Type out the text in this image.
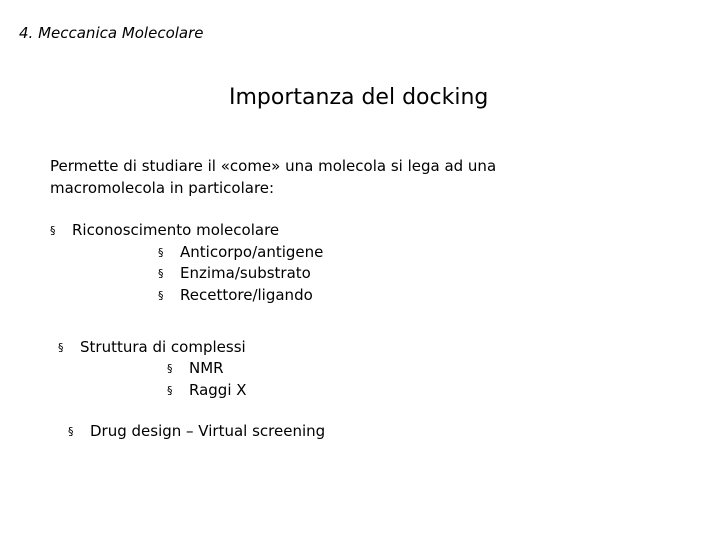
4. Meccanica Molecolare
Importanza del docking
Permette di studiare il «come» una molecola si lega ad una
macromolecola in particolare:
§ Riconoscimento molecolare
§ Anticorpo/antigene
§ Enzima/substrato
§ Recettore/ligando
§ Struttura di complessi
§ NMR
§ Raggi X
§ Drug design – Virtual screening
